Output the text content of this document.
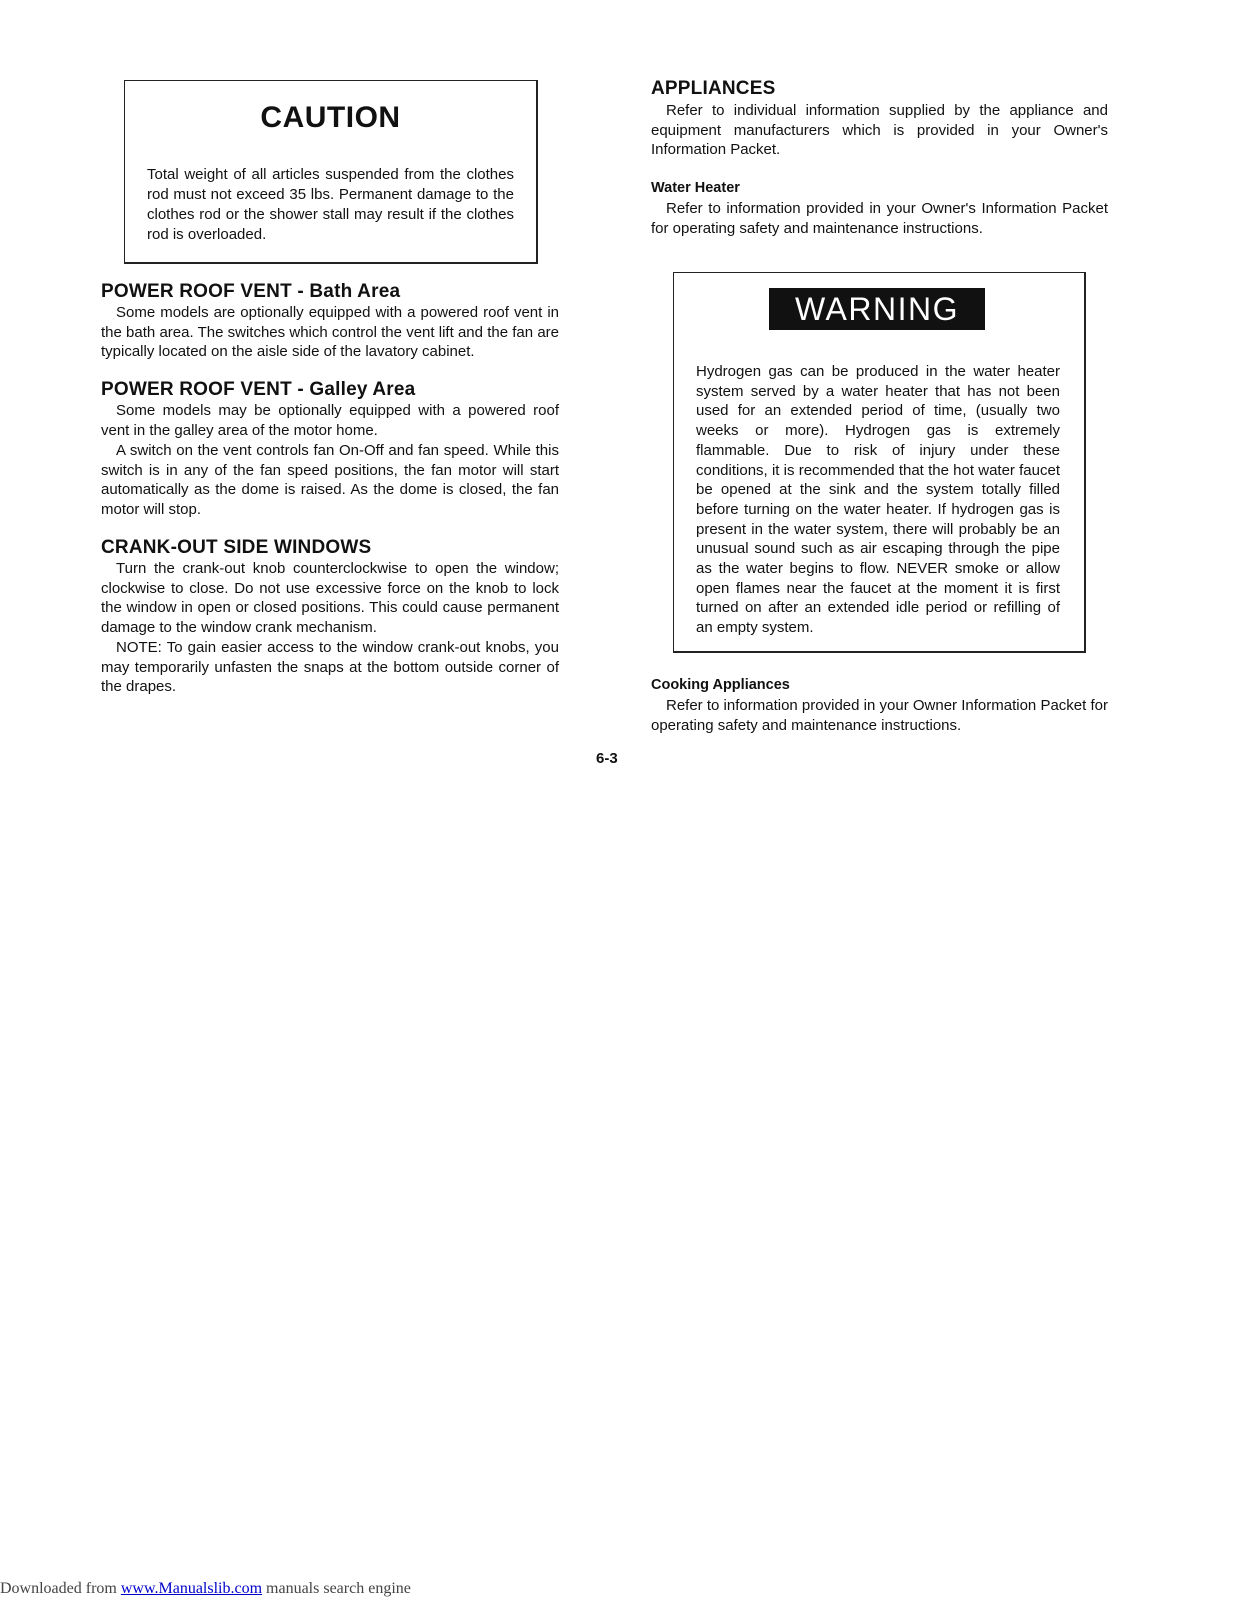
CAUTION
Total weight of all articles suspended from the clothes rod must not exceed 35 lbs. Permanent damage to the clothes rod or the shower stall may result if the clothes rod is overloaded.
POWER ROOF VENT - Bath Area

Some models are optionally equipped with a powered roof vent in the bath area. The switches which control the vent lift and the fan are typically located on the aisle side of the lavatory cabinet.

POWER ROOF VENT - Galley Area

Some models may be optionally equipped with a powered roof vent in the galley area of the motor home.

A switch on the vent controls fan On-Off and fan speed. While this switch is in any of the fan speed positions, the fan motor will start automatically as the dome is raised. As the dome is closed, the fan motor will stop.

CRANK-OUT SIDE WINDOWS

Turn the crank-out knob counterclockwise to open the window; clockwise to close. Do not use excessive force on the knob to lock the window in open or closed positions. This could cause permanent damage to the window crank mechanism.

NOTE: To gain easier access to the window crank-out knobs, you may temporarily unfasten the snaps at the bottom outside corner of the drapes.

APPLIANCES

Refer to individual information supplied by the appliance and equipment manufacturers which is provided in your Owner's Information Packet.

Water Heater

Refer to information provided in your Owner's Information Packet for operating safety and maintenance instructions.

WARNING
Hydrogen gas can be produced in the water heater system served by a water heater that has not been used for an extended period of time, (usually two weeks or more). Hydrogen gas is extremely flammable. Due to risk of injury under these conditions, it is recommended that the hot water faucet be opened at the sink and the system totally filled before turning on the water heater. If hydrogen gas is present in the water system, there will probably be an unusual sound such as air escaping through the pipe as the water begins to flow. NEVER smoke or allow open flames near the faucet at the moment it is first turned on after an extended idle period or refilling of an empty system.
Cooking Appliances

Refer to information provided in your Owner Information Packet for operating safety and maintenance instructions.

6-3
Downloaded from www.Manualslib.com manuals search engine
